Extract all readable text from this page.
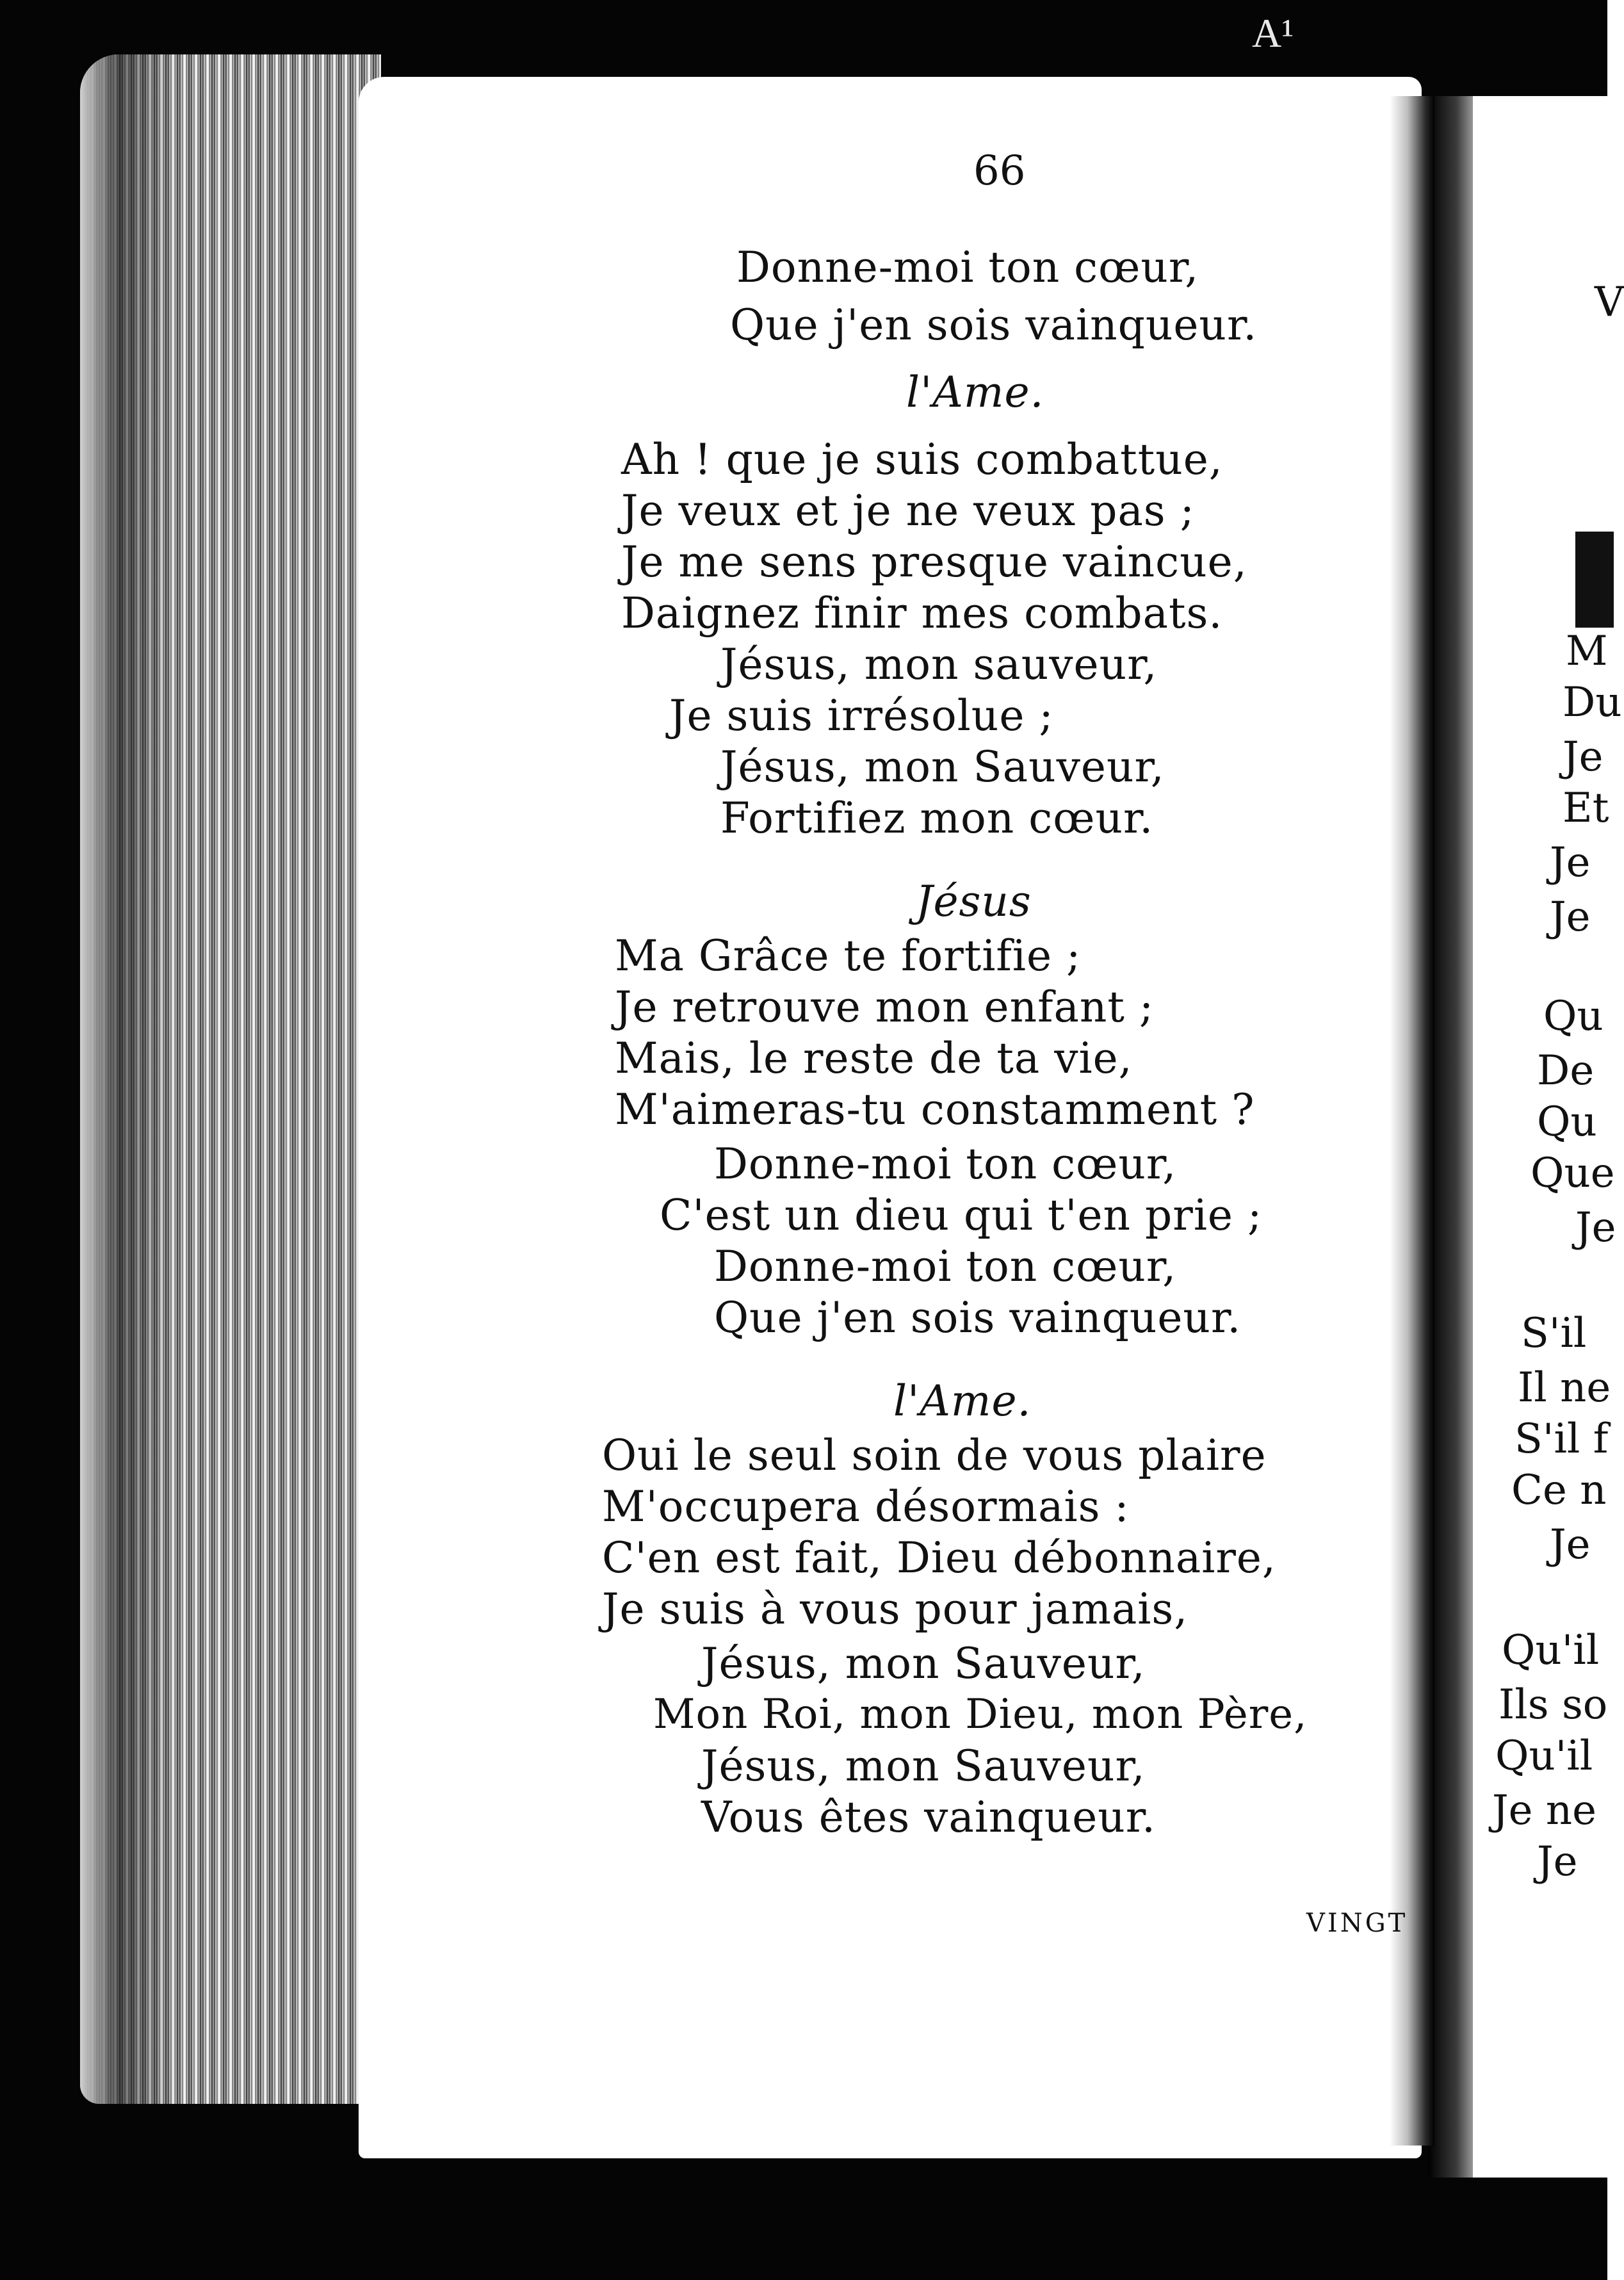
A¹
66
Donne-moi ton cœur,
Que j'en sois vainqueur.
l'Ame.
Ah ! que je suis combattue,
Je veux et je ne veux pas ;
Je me sens presque vaincue,
Daignez finir mes combats.
Jésus, mon sauveur,
Je suis irrésolue ;
Jésus, mon Sauveur,
Fortifiez mon cœur.
Jésus
Ma Grâce te fortifie ;
Je retrouve mon enfant ;
Mais, le reste de ta vie,
M'aimeras-tu constamment ?
Donne-moi ton cœur,
C'est un dieu qui t'en prie ;
Donne-moi ton cœur,
Que j'en sois vainqueur.
l'Ame.
Oui le seul soin de vous plaire
M'occupera désormais :
C'en est fait, Dieu débonnaire,
Je suis à vous pour jamais,
Jésus, mon Sauveur,
Mon Roi, mon Dieu, mon Père,
Jésus, mon Sauveur,
Vous êtes vainqueur.
VINGT
V
M
Du
Je
Et
Je
Je
Qu
De
Qu
Que
Je
S'il
Il ne
S'il f
Ce n
Je
Qu'il
Ils so
Qu'il
Je ne
Je
